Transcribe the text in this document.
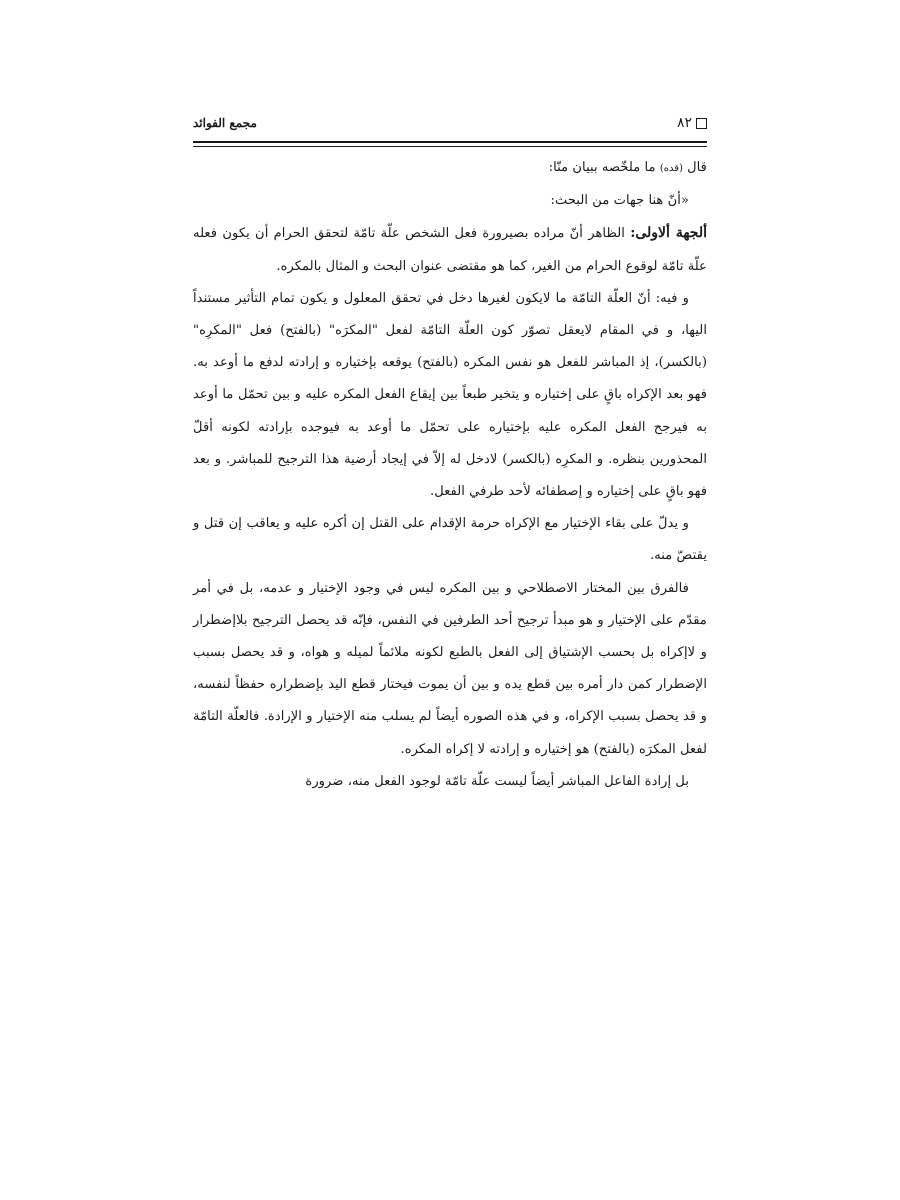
مجمع الفوائد	٨٢

قال (قده) ما ملخّصه ببيان منّا:

«أنّ هنا جهات من البحث:

ألجهة ألاولى: الظاهر أنّ مراده بصيرورة فعل الشخص علّة تامّة لتحقق الحرام أن يكون فعله علّة تامّة لوقوع الحرام من الغير، كما هو مقتضى عنوان البحث و المثال بالمكره.

و فيه: أنّ العلّة التامّة ما لايكون لغيرها دخل في تحقق المعلول و يكون تمام التأثير مستنداً اليها، و في المقام لايعقل تصوّر كون العلّة التامّة لفعل "المكرَه" (بالفتح) فعل "المكرِه" (بالكسر)، إذ المباشر للفعل هو نفس المكره (بالفتح) يوقعه بإختياره و إرادته لدفع ما أوعد به. فهو بعد الإكراه باقٍ على إختياره و يتخير طبعاً بين إيقاع الفعل المكره عليه و بين تحمّل ما أوعد به فيرجح الفعل المكره عليه بإختياره على تحمّل ما أوعد به فيوجده بإرادته لكونه أقلّ المحذورين بنظره. و المكرِه (بالكسر) لادخل له إلاّ في إيجاد أرضية هذا الترجيح للمباشر. و بعد فهو باقٍ على إختياره و إصطفائه لأحد طرفي الفعل.

و يدلّ على بقاء الإختيار مع الإكراه حرمة الإقدام على القتل إن أكره عليه و يعاقب إن قتل و يقتصّ منه.

فالفرق بين المختار الاصطلاحي و بين المكره ليس في وجود الإختيار و عدمه، بل في أمر مقدّم على الإختيار و هو مبدأ ترجيح أحد الطرفين في النفس، فإنّه قد يحصل الترجيح بلاإضطرار و لاإكراه بل بحسب الإشتياق إلى الفعل بالطبع لكونه ملائماً لميله و هواه، و قد يحصل بسبب الإضطرار كمن دار أمره بين قطع يده و بين أن يموت فيختار قطع اليد بإضطراره حفظاً لنفسه، و قد يحصل بسبب الإكراه، و في هذه الصوره أيضاً لم يسلب منه الإختيار و الإرادة. فالعلّة التامّة لفعل المكرَه (بالفتح) هو إختياره و إرادته لا إكراه المكره.

بل إرادة الفاعل المباشر أيضاً ليست علّة تامّة لوجود الفعل منه، ضرورة
